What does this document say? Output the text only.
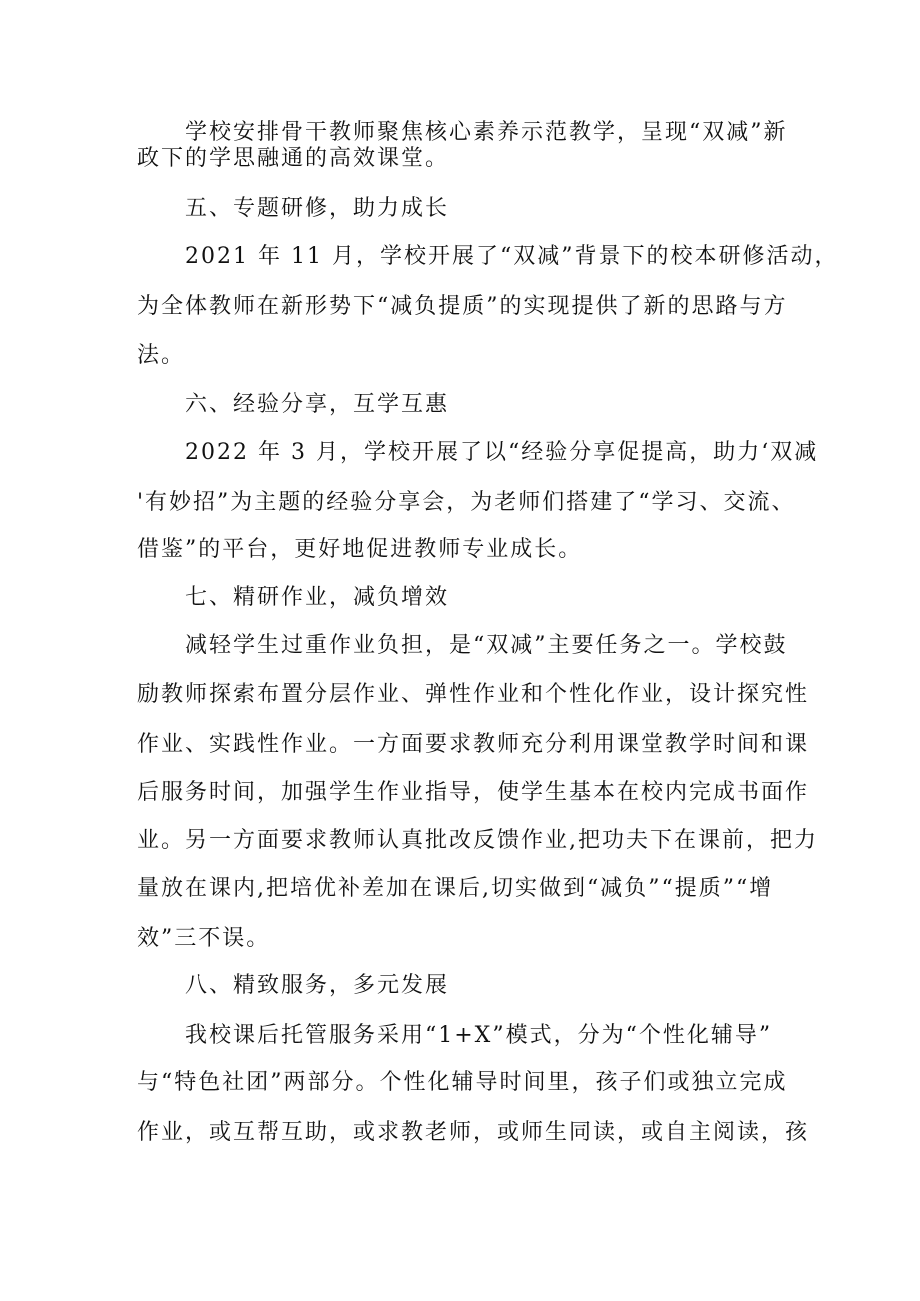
　　学校安排骨干教师聚焦核心素养示范教学，呈现“双减”新

政下的学思融通的高效课堂。

　　五、专题研修，助力成长

　　2021 年 11 月，学校开展了“双减”背景下的校本研修活动，

为全体教师在新形势下“减负提质”的实现提供了新的思路与方

法。

　　六、经验分享，互学互惠

　　2022 年 3 月，学校开展了以“经验分享促提高，助力‘双减

'有妙招”为主题的经验分享会，为老师们搭建了“学习、交流、

借鉴”的平台，更好地促进教师专业成长。

　　七、精研作业，减负增效

　　减轻学生过重作业负担，是“双减”主要任务之一。学校鼓

励教师探索布置分层作业、弹性作业和个性化作业，设计探究性

作业、实践性作业。一方面要求教师充分利用课堂教学时间和课

后服务时间，加强学生作业指导，使学生基本在校内完成书面作

业。另一方面要求教师认真批改反馈作业,把功夫下在课前，把力

量放在课内,把培优补差加在课后,切实做到“减负”“提质”“增

效”三不误。

　　八、精致服务，多元发展

　　我校课后托管服务采用“1+X”模式，分为“个性化辅导”

与“特色社团”两部分。个性化辅导时间里，孩子们或独立完成

作业，或互帮互助，或求教老师，或师生同读，或自主阅读，孩
